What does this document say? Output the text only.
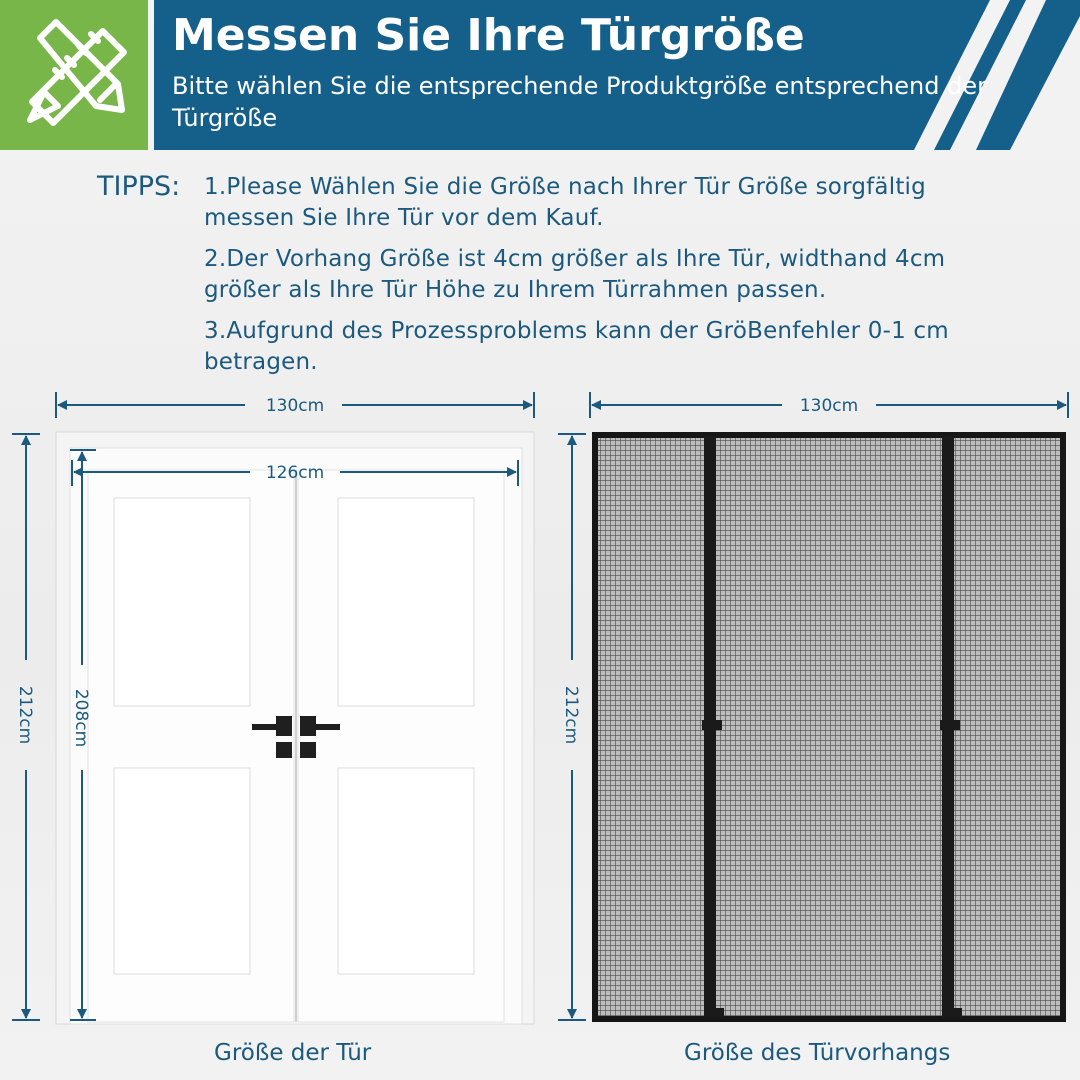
Messen Sie Ihre Türgröße
Bitte wählen Sie die entsprechende Produktgröße entsprechend der Türgröße
TIPPS: 1.Please Wählen Sie die Größe nach Ihrer Tür Größe sorgfältig messen Sie Ihre Tür vor dem Kauf.
2.Der Vorhang Größe ist 4cm größer als Ihre Tür, widthand 4cm größer als Ihre Tür Höhe zu Ihrem Türrahmen passen.
3.Aufgrund des Prozessproblems kann der GröBenfehler 0-1 cm betragen.
130cm
126cm
212cm 208cm
130cm
212cm
Größe der Tür	Größe des Türvorhangs
